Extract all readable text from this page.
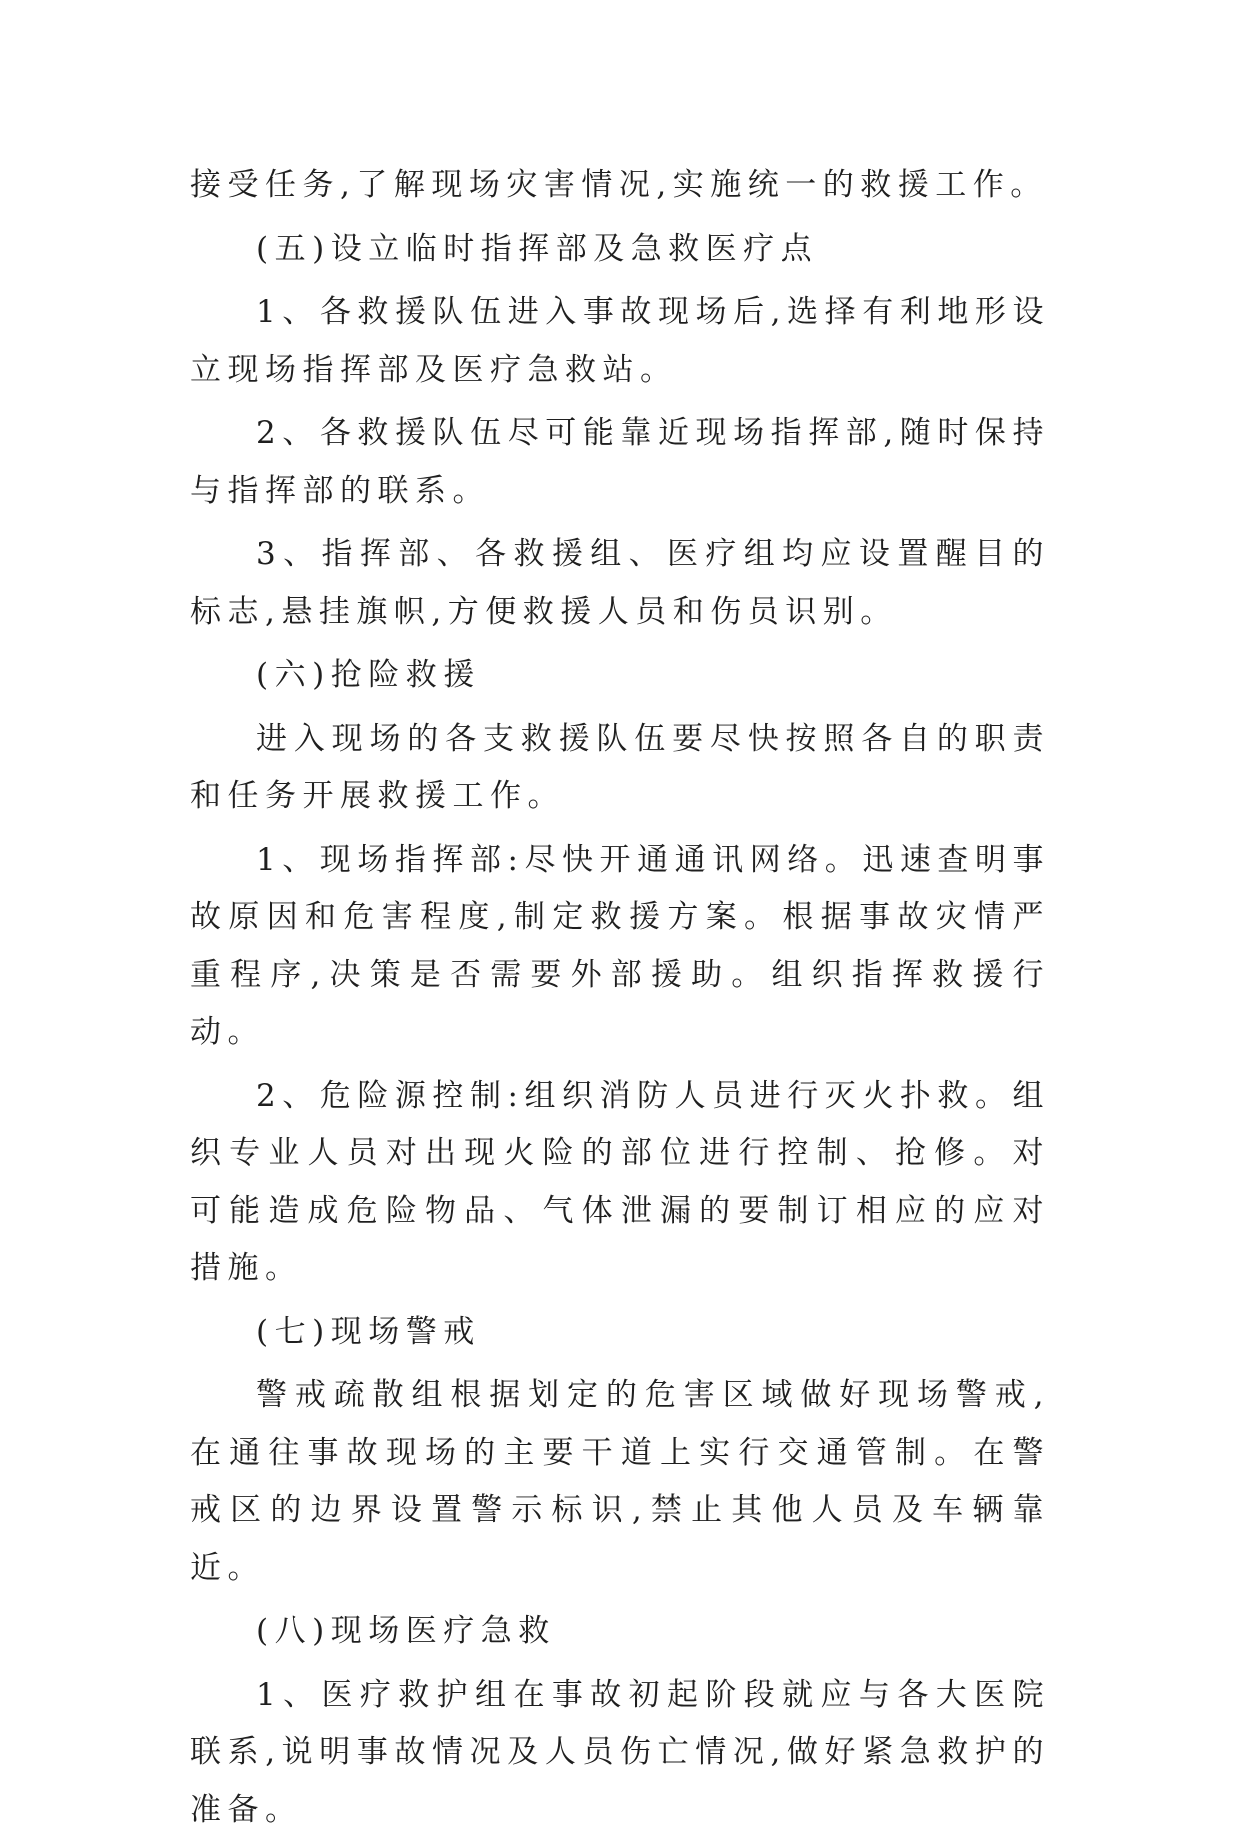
接受任务,了解现场灾害情况,实施统一的救援工作。

(五)设立临时指挥部及急救医疗点

1、各救援队伍进入事故现场后,选择有利地形设立现场指挥部及医疗急救站。

2、各救援队伍尽可能靠近现场指挥部,随时保持与指挥部的联系。

3、指挥部、各救援组、医疗组均应设置醒目的标志,悬挂旗帜,方便救援人员和伤员识别。

(六)抢险救援

进入现场的各支救援队伍要尽快按照各自的职责和任务开展救援工作。

1、现场指挥部:尽快开通通讯网络。迅速查明事故原因和危害程度,制定救援方案。根据事故灾情严重程序,决策是否需要外部援助。组织指挥救援行动。

2、危险源控制:组织消防人员进行灭火扑救。组织专业人员对出现火险的部位进行控制、抢修。对可能造成危险物品、气体泄漏的要制订相应的应对措施。

(七)现场警戒

警戒疏散组根据划定的危害区域做好现场警戒,在通往事故现场的主要干道上实行交通管制。在警戒区的边界设置警示标识,禁止其他人员及车辆靠近。

(八)现场医疗急救

1、医疗救护组在事故初起阶段就应与各大医院联系,说明事故情况及人员伤亡情况,做好紧急救护的准备。
